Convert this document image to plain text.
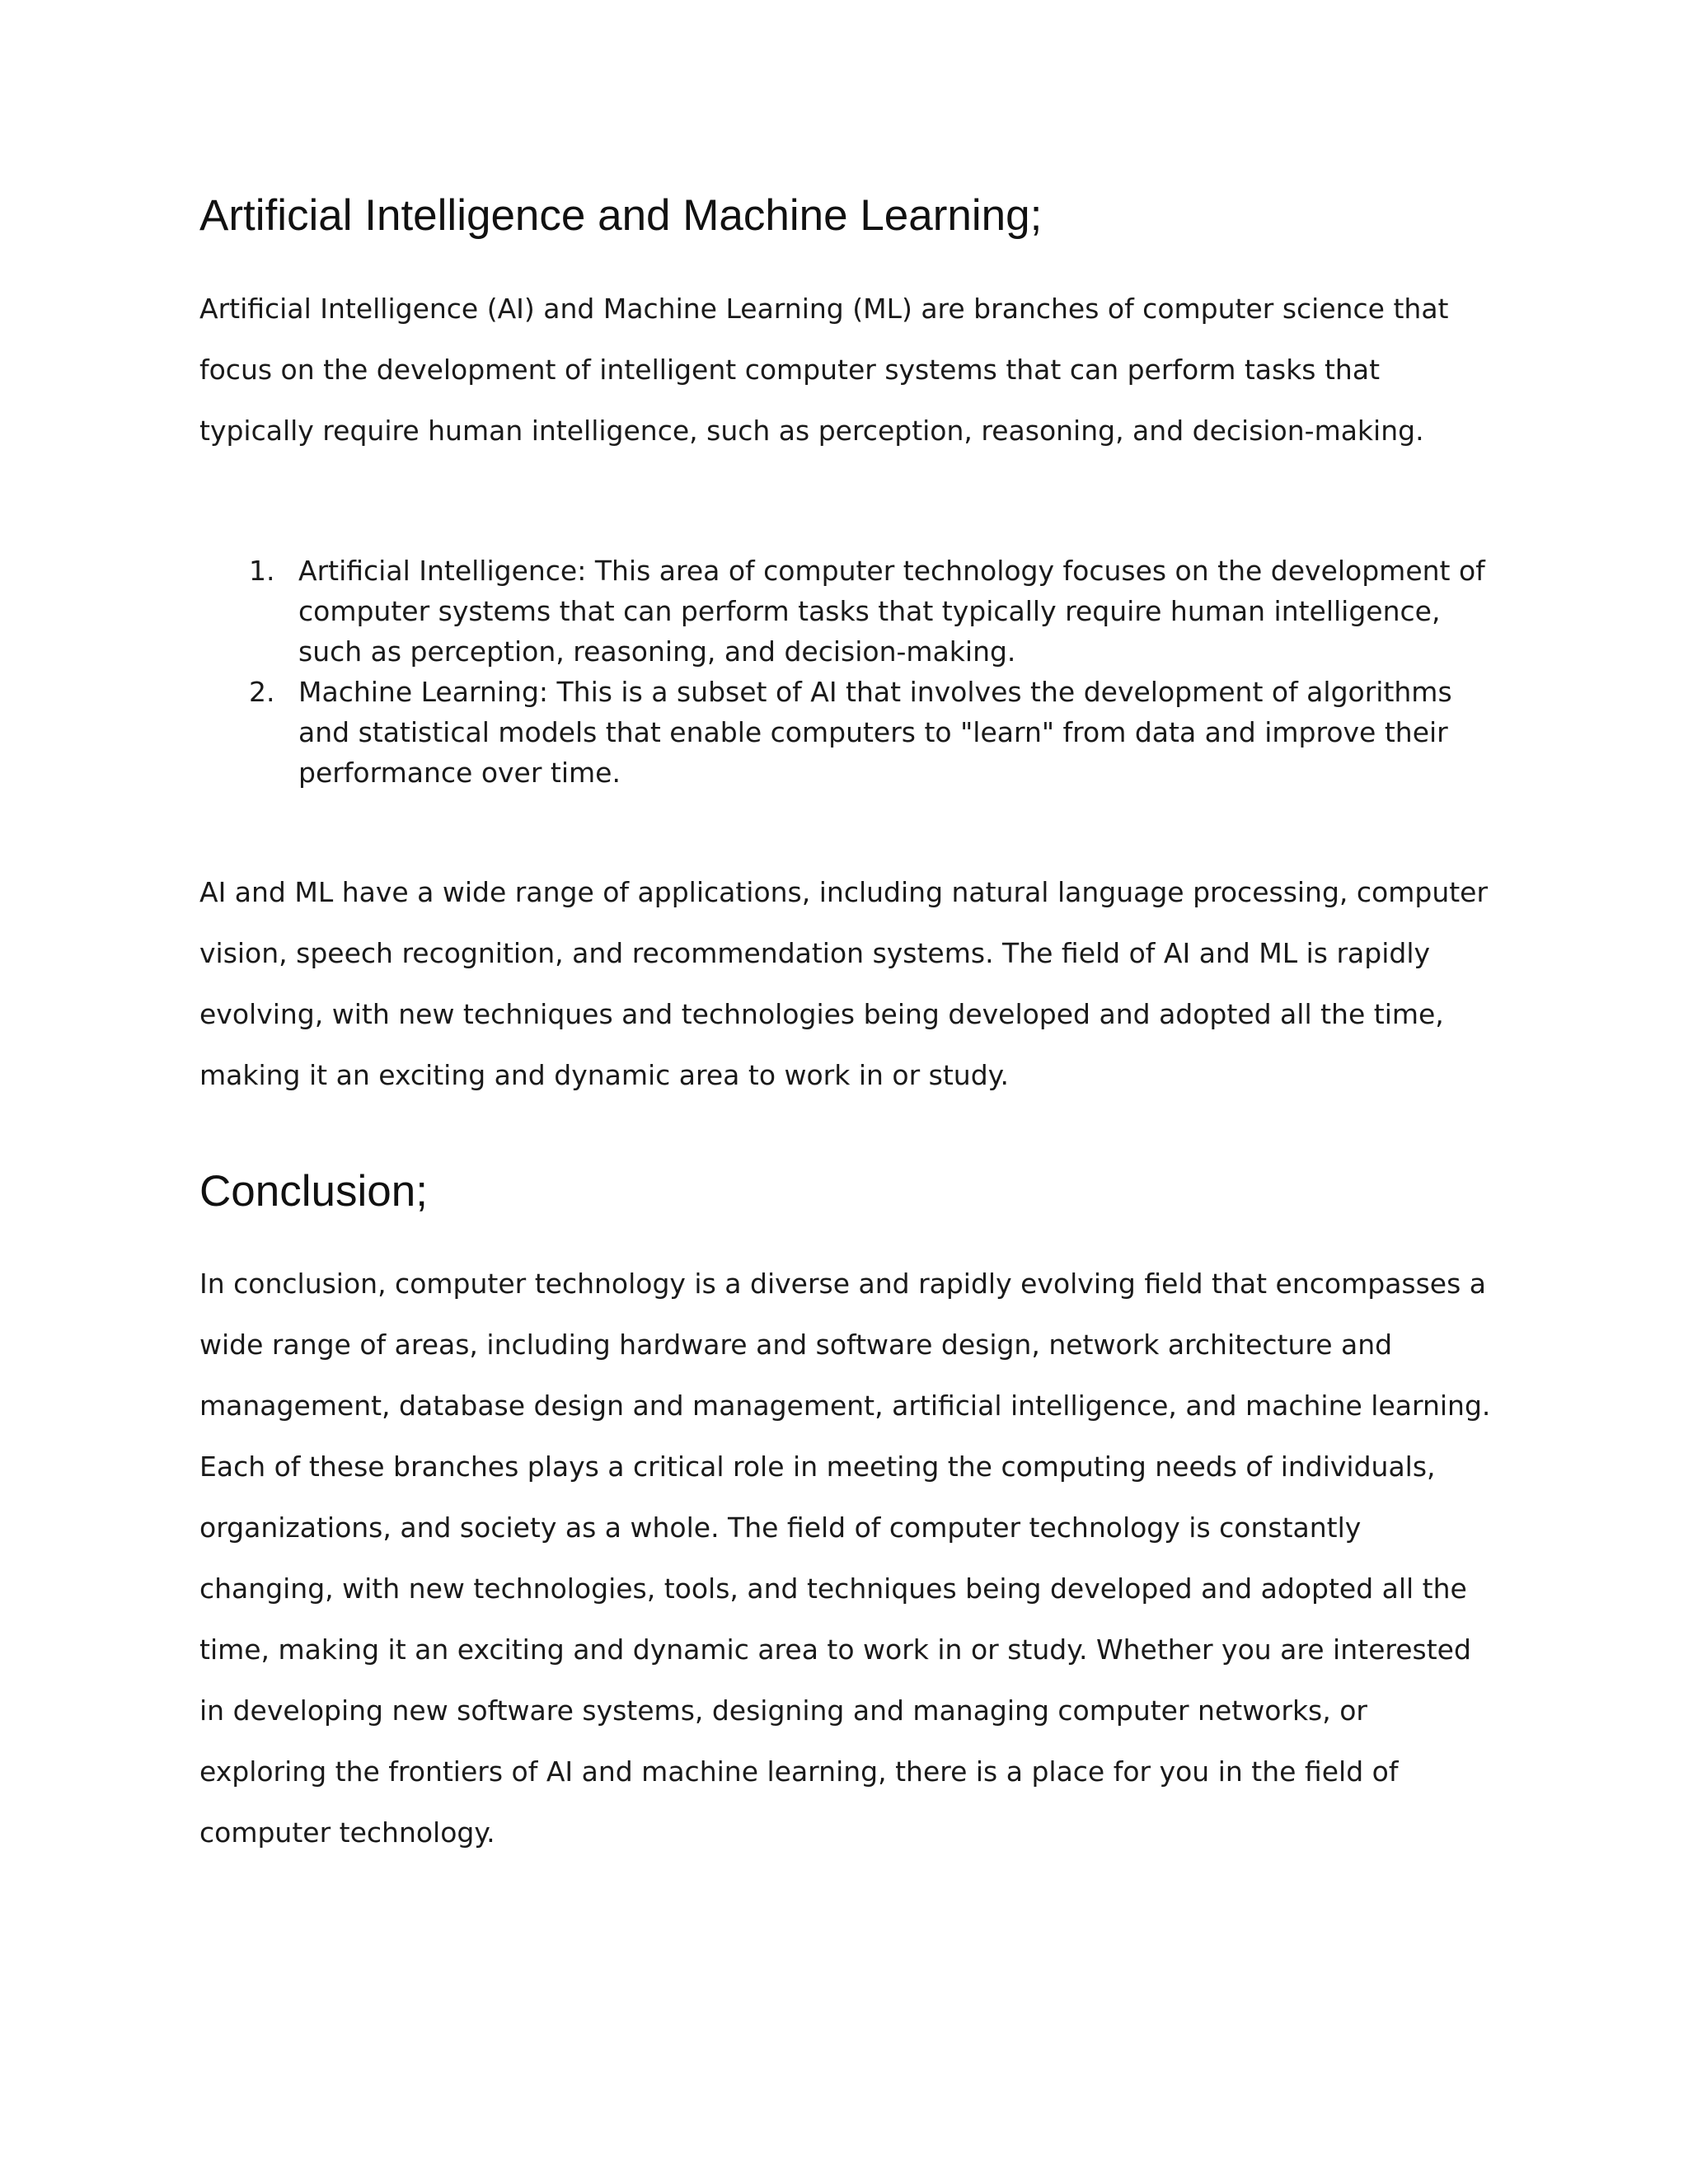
Artificial Intelligence and Machine Learning;

Artificial Intelligence (AI) and Machine Learning (ML) are branches of computer science that focus on the development of intelligent computer systems that can perform tasks that typically require human intelligence, such as perception, reasoning, and decision-making.

1. Artificial Intelligence: This area of computer technology focuses on the development of computer systems that can perform tasks that typically require human intelligence, such as perception, reasoning, and decision-making.
2. Machine Learning: This is a subset of AI that involves the development of algorithms and statistical models that enable computers to "learn" from data and improve their performance over time.

AI and ML have a wide range of applications, including natural language processing, computer vision, speech recognition, and recommendation systems. The field of AI and ML is rapidly evolving, with new techniques and technologies being developed and adopted all the time, making it an exciting and dynamic area to work in or study.

Conclusion;

In conclusion, computer technology is a diverse and rapidly evolving field that encompasses a wide range of areas, including hardware and software design, network architecture and management, database design and management, artificial intelligence, and machine learning. Each of these branches plays a critical role in meeting the computing needs of individuals, organizations, and society as a whole. The field of computer technology is constantly changing, with new technologies, tools, and techniques being developed and adopted all the time, making it an exciting and dynamic area to work in or study. Whether you are interested in developing new software systems, designing and managing computer networks, or exploring the frontiers of AI and machine learning, there is a place for you in the field of computer technology.
